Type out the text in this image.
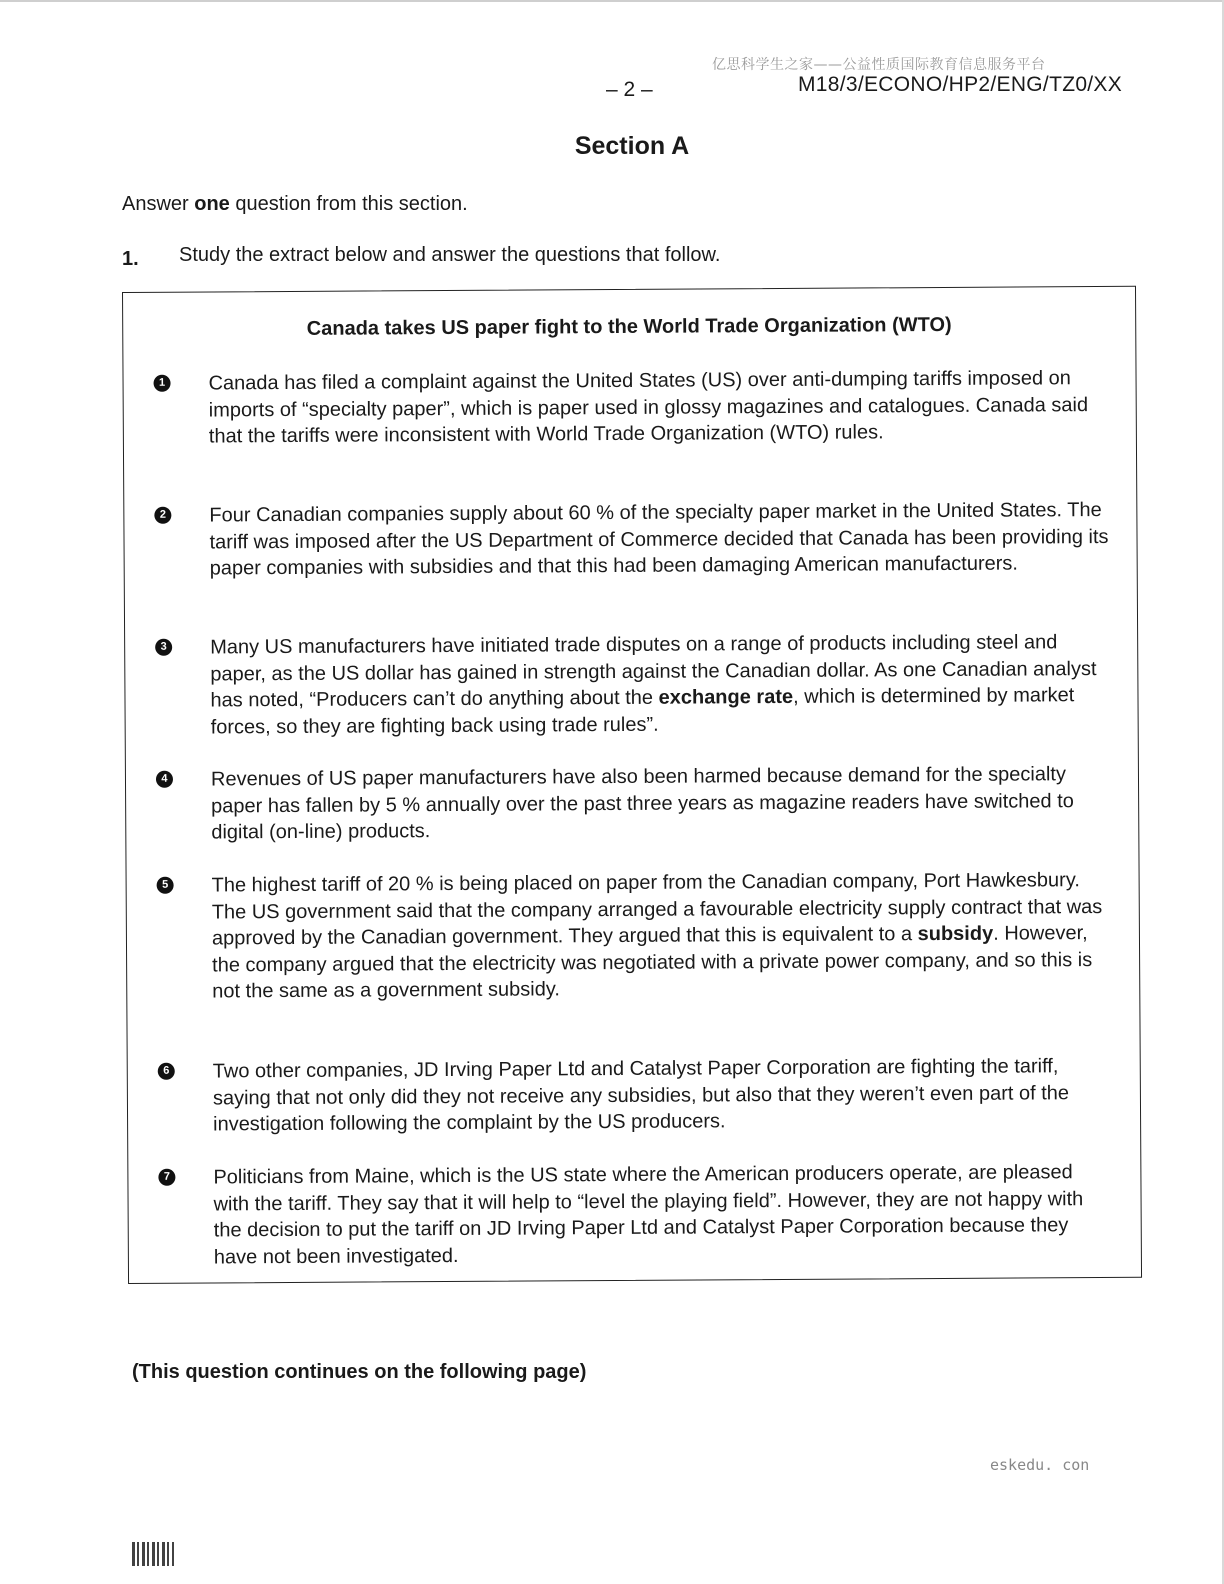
亿思科学生之家——公益性质国际教育信息服务平台
– 2 –	M18/3/ECONO/HP2/ENG/TZ0/XX
Section A
Answer one question from this section.
1. Study the extract below and answer the questions that follow.
Canada takes US paper fight to the World Trade Organization (WTO)
1 Canada has filed a complaint against the United States (US) over anti-dumping tariffs imposed on imports of “specialty paper”, which is paper used in glossy magazines and catalogues. Canada said that the tariffs were inconsistent with World Trade Organization (WTO) rules.
2 Four Canadian companies supply about 60 % of the specialty paper market in the United States. The tariff was imposed after the US Department of Commerce decided that Canada has been providing its paper companies with subsidies and that this had been damaging American manufacturers.
3 Many US manufacturers have initiated trade disputes on a range of products including steel and paper, as the US dollar has gained in strength against the Canadian dollar. As one Canadian analyst has noted, “Producers can’t do anything about the exchange rate, which is determined by market forces, so they are fighting back using trade rules”.
4 Revenues of US paper manufacturers have also been harmed because demand for the specialty paper has fallen by 5 % annually over the past three years as magazine readers have switched to digital (on-line) products.
5 The highest tariff of 20 % is being placed on paper from the Canadian company, Port Hawkesbury. The US government said that the company arranged a favourable electricity supply contract that was approved by the Canadian government. They argued that this is equivalent to a subsidy. However, the company argued that the electricity was negotiated with a private power company, and so this is not the same as a government subsidy.
6 Two other companies, JD Irving Paper Ltd and Catalyst Paper Corporation are fighting the tariff, saying that not only did they not receive any subsidies, but also that they weren’t even part of the investigation following the complaint by the US producers.
7 Politicians from Maine, which is the US state where the American producers operate, are pleased with the tariff. They say that it will help to “level the playing field”. However, they are not happy with the decision to put the tariff on JD Irving Paper Ltd and Catalyst Paper Corporation because they have not been investigated.
(This question continues on the following page)
eskedu. con
